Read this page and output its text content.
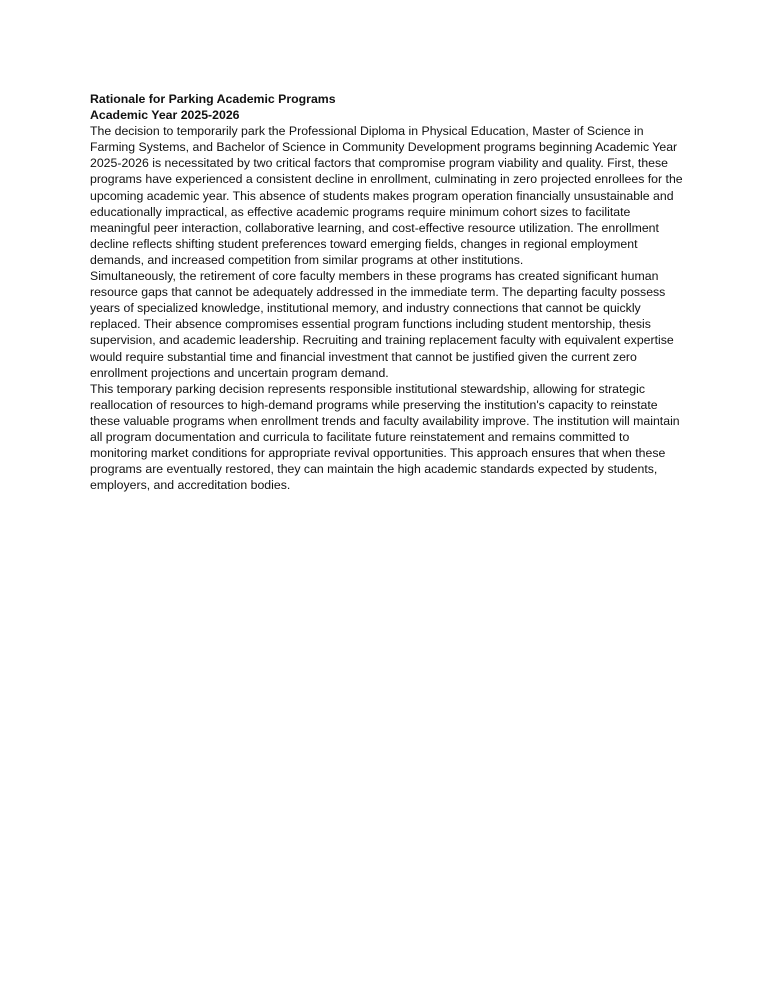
Rationale for Parking Academic Programs

Academic Year 2025-2026

The decision to temporarily park the Professional Diploma in Physical Education, Master of Science in Farming Systems, and Bachelor of Science in Community Development programs beginning Academic Year 2025-2026 is necessitated by two critical factors that compromise program viability and quality. First, these programs have experienced a consistent decline in enrollment, culminating in zero projected enrollees for the upcoming academic year. This absence of students makes program operation financially unsustainable and educationally impractical, as effective academic programs require minimum cohort sizes to facilitate meaningful peer interaction, collaborative learning, and cost-effective resource utilization. The enrollment decline reflects shifting student preferences toward emerging fields, changes in regional employment demands, and increased competition from similar programs at other institutions.

Simultaneously, the retirement of core faculty members in these programs has created significant human resource gaps that cannot be adequately addressed in the immediate term. The departing faculty possess years of specialized knowledge, institutional memory, and industry connections that cannot be quickly replaced. Their absence compromises essential program functions including student mentorship, thesis supervision, and academic leadership. Recruiting and training replacement faculty with equivalent expertise would require substantial time and financial investment that cannot be justified given the current zero enrollment projections and uncertain program demand.

This temporary parking decision represents responsible institutional stewardship, allowing for strategic reallocation of resources to high-demand programs while preserving the institution's capacity to reinstate these valuable programs when enrollment trends and faculty availability improve. The institution will maintain all program documentation and curricula to facilitate future reinstatement and remains committed to monitoring market conditions for appropriate revival opportunities. This approach ensures that when these programs are eventually restored, they can maintain the high academic standards expected by students, employers, and accreditation bodies.
